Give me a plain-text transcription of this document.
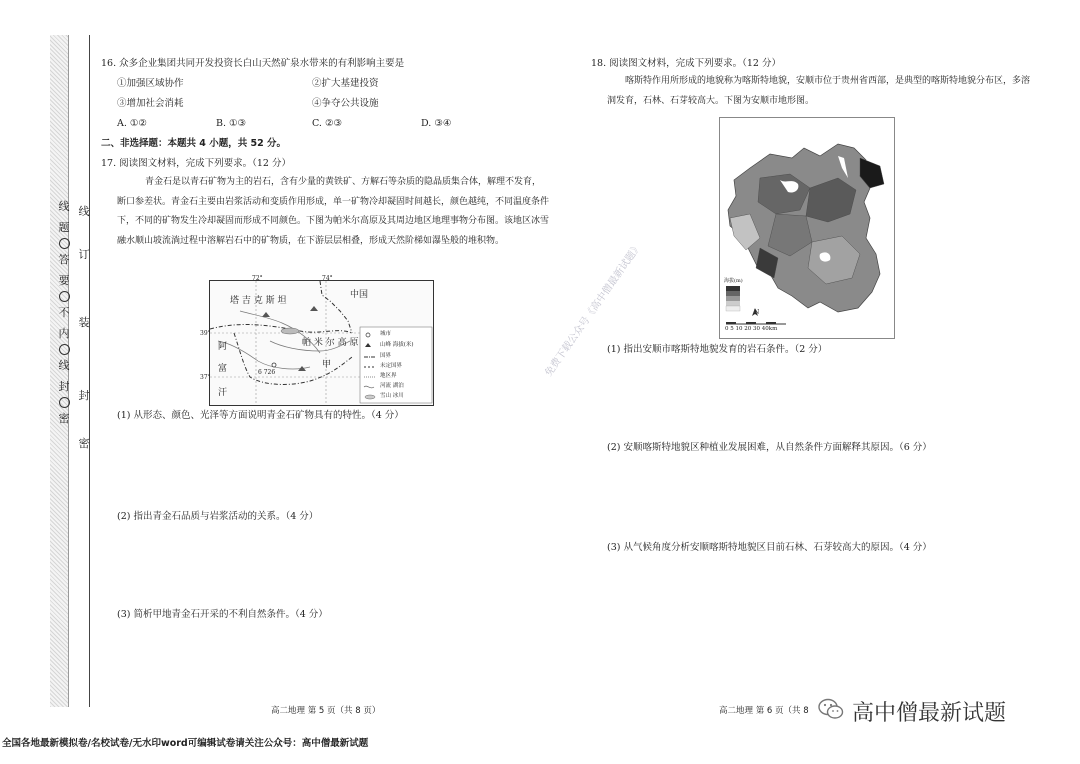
线
题
答
要
不
内
线
封
密
线
订
装
封
密
16. 众多企业集团共同开发投资长白山天然矿泉水带来的有利影响主要是
①加强区域协作	②扩大基建投资
③增加社会消耗	④争夺公共设施
A. ①②	B. ①③	C. ②③	D. ③④
二、非选择题：本题共 4 小题，共 52 分。
17. 阅读图文材料，完成下列要求。（12 分）
青金石是以青石矿物为主的岩石，含有少量的黄铁矿、方解石等杂质的隐晶质集合体，解理不发育，断口参差状。青金石主要由岩浆活动和变质作用形成，单一矿物冷却凝固时间越长，颜色越纯，不同温度条件下，不同的矿物发生冷却凝固而形成不同颜色。下图为帕米尔高原及其周边地区地理事物分布图。该地区冰雪融水顺山坡流淌过程中溶解岩石中的矿物质，在下游层层相叠，形成天然阶梯如瀑坠般的堆积物。
塔 吉 克 斯 坦
中国
帕 米 尔 高 原
阿
富
汗
甲
6 726
39°
37°
72°	74°
城市
山峰 海拔(米)
国界
未定国界
地区界
河流 湖泊
雪山 冰川
(1) 从形态、颜色、光泽等方面说明青金石矿物具有的特性。（4 分）
(2) 指出青金石品质与岩浆活动的关系。（4 分）
(3) 简析甲地青金石开采的不利自然条件。（4 分）
高二地理 第 5 页（共 8 页）
免费下载公众号《高中僧最新试题》
18. 阅读图文材料，完成下列要求。（12 分）
喀斯特作用所形成的地貌称为喀斯特地貌，安顺市位于贵州省西部，是典型的喀斯特地貌分布区，多溶洞发育，石林、石芽较高大。下图为安顺市地形图。
海拔(m)
N
0 5 10 20 30 40km
(1) 指出安顺市喀斯特地貌发育的岩石条件。（2 分）
(2) 安顺喀斯特地貌区种植业发展困难，从自然条件方面解释其原因。（6 分）
(3) 从气候角度分析安顺喀斯特地貌区目前石林、石芽较高大的原因。（4 分）
高二地理 第 6 页（共 8 高中僧最新试题
全国各地最新模拟卷/名校试卷/无水印word可编辑试卷请关注公众号：高中僧最新试题
